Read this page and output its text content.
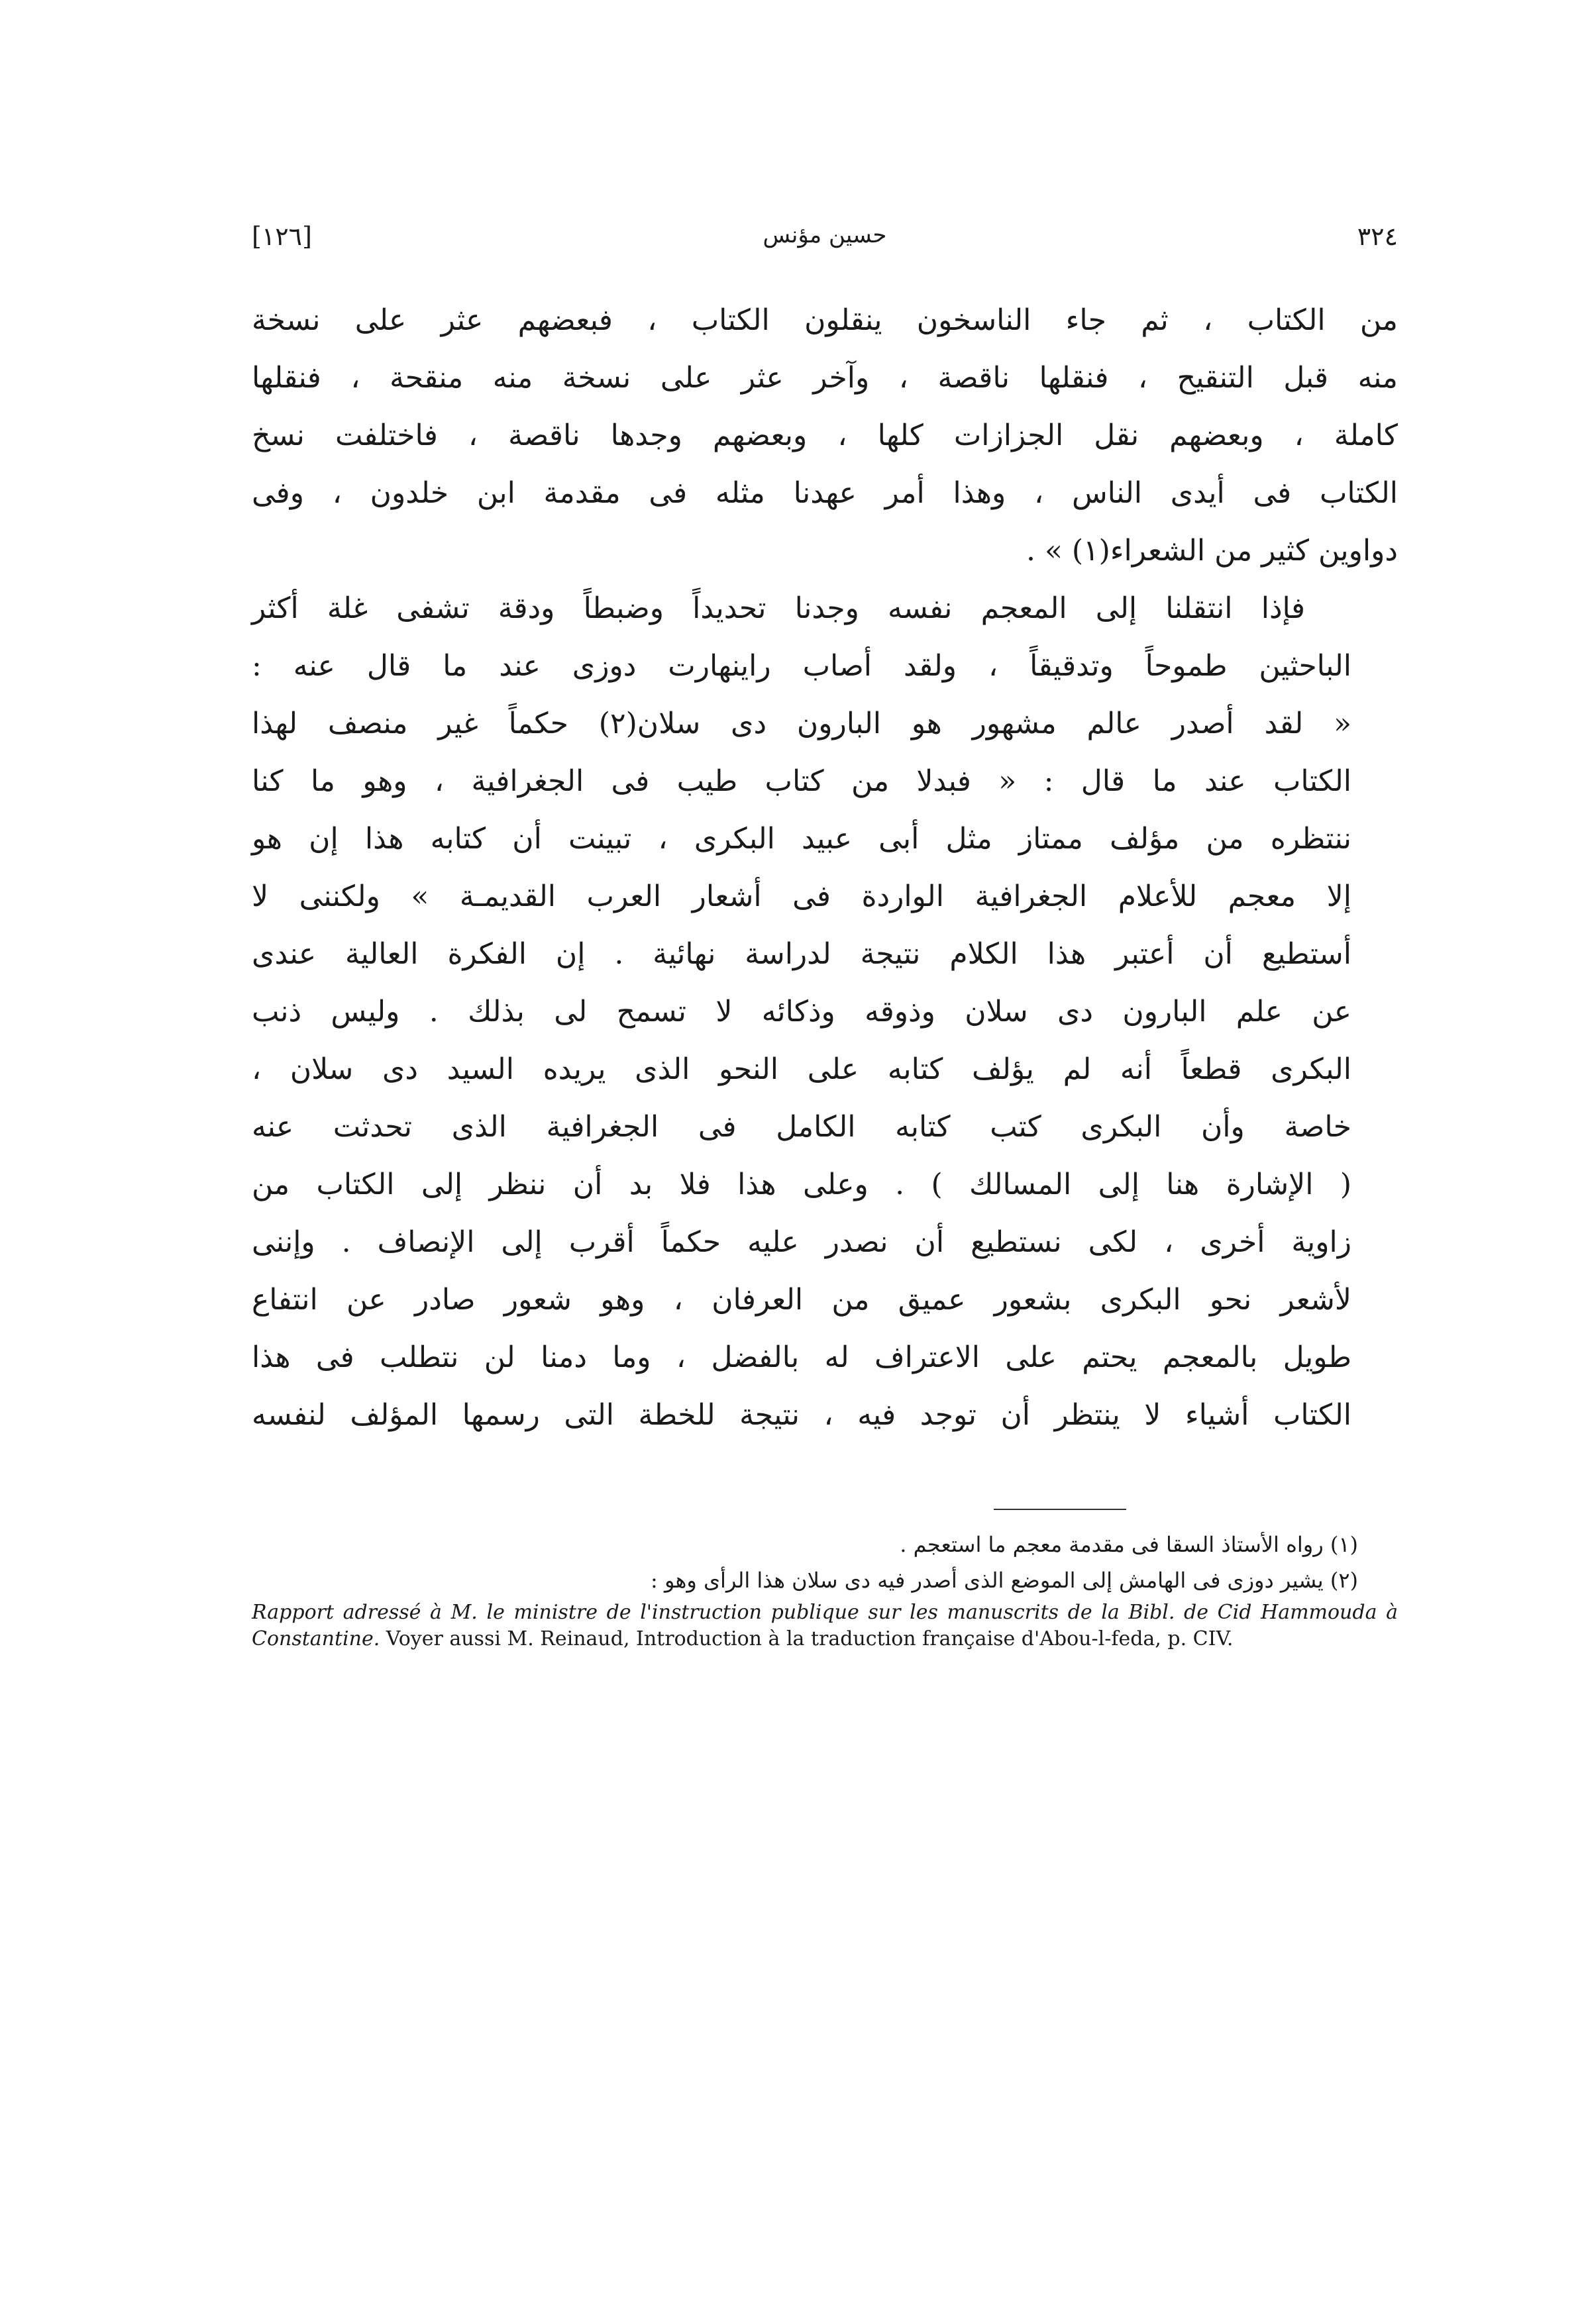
٣٢٤
حسين مؤنس
[١٢٦]
من الكتاب ، ثم جاء الناسخون ينقلون الكتاب ، فبعضهم عثر على نسخة
منه قبل التنقيح ، فنقلها ناقصة ، وآخر عثر على نسخة منه منقحة ، فنقلها
كاملة ، وبعضهم نقل الجزازات كلها ، وبعضهم وجدها ناقصة ، فاختلفت نسخ
الكتاب فى أيدى الناس ، وهذا أمر عهدنا مثله فى مقدمة ابن خلدون ، وفى
دواوين كثير من الشعراء(١) » .
فإذا انتقلنا إلى المعجم نفسه وجدنا تحديداً وضبطاً ودقة تشفى غلة أكثر
الباحثين طموحاً وتدقيقاً ، ولقد أصاب راينهارت دوزى عند ما قال عنه :
« لقد أصدر عالم مشهور هو البارون دى سلان(٢) حكماً غير منصف لهذا
الكتاب عند ما قال : « فبدلا من كتاب طيب فى الجغرافية ، وهو ما كنا
ننتظره من مؤلف ممتاز مثل أبى عبيد البكرى ، تبينت أن كتابه هذا إن هو
إلا معجم للأعلام الجغرافية الواردة فى أشعار العرب القديمـة » ولكننى لا
أستطيع أن أعتبر هذا الكلام نتيجة لدراسة نهائية . إن الفكرة العالية عندى
عن علم البارون دى سلان وذوقه وذكائه لا تسمح لى بذلك . وليس ذنب
البكرى قطعاً أنه لم يؤلف كتابه على النحو الذى يريده السيد دى سلان ،
خاصة وأن البكرى كتب كتابه الكامل فى الجغرافية الذى تحدثت عنه
( الإشارة هنا إلى المسالك ) . وعلى هذا فلا بد أن ننظر إلى الكتاب من
زاوية أخرى ، لكى نستطيع أن نصدر عليه حكماً أقرب إلى الإنصاف . وإننى
لأشعر نحو البكرى بشعور عميق من العرفان ، وهو شعور صادر عن انتفاع
طويل بالمعجم يحتم على الاعتراف له بالفضل ، وما دمنا لن نتطلب فى هذا
الكتاب أشياء لا ينتظر أن توجد فيه ، نتيجة للخطة التى رسمها المؤلف لنفسه
(١) رواه الأستاذ السقا فى مقدمة معجم ما استعجم .
(٢) يشير دوزى فى الهامش إلى الموضع الذى أصدر فيه دى سلان هذا الرأى وهو :
Rapport adressé à M. le ministre de l'instruction publique sur les manuscrits de la Bibl. de Cid Hammouda à Constantine. Voyer aussi M. Reinaud, Introduction à la traduction française d'Abou-l-feda, p. CIV.
